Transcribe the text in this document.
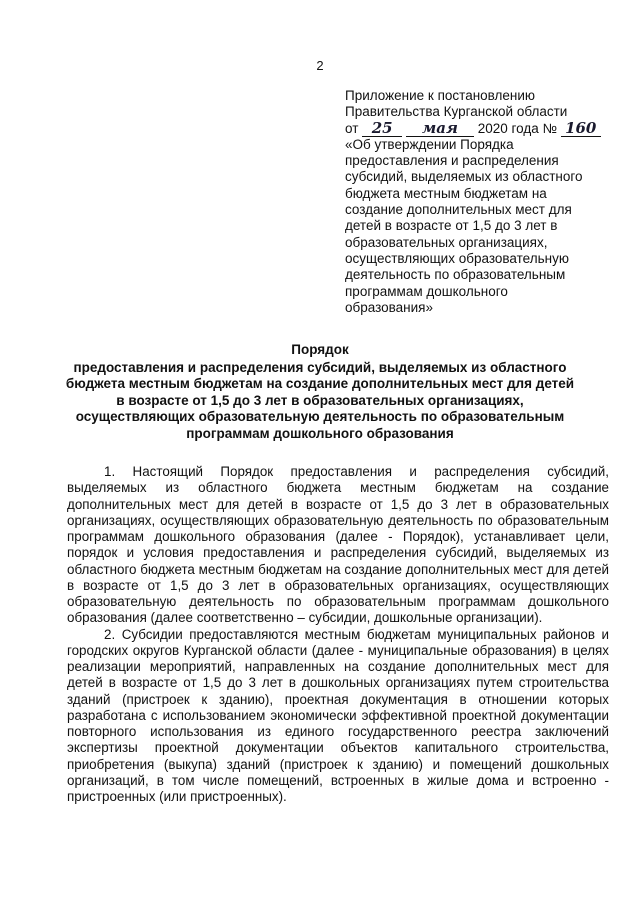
2
Приложение к постановлению
Правительства Курганской области
от 25 мая 2020 года № 160
«Об утверждении Порядка
предоставления и распределения
субсидий, выделяемых из областного
бюджета местным бюджетам на
создание дополнительных мест для
детей в возрасте от 1,5 до 3 лет в
образовательных организациях,
осуществляющих образовательную
деятельность по образовательным
программам дошкольного
образования»
Порядок
предоставления и распределения субсидий, выделяемых из областного
бюджета местным бюджетам на создание дополнительных мест для детей
в возрасте от 1,5 до 3 лет в образовательных организациях,
осуществляющих образовательную деятельность по образовательным
программам дошкольного образования

1. Настоящий Порядок предоставления и распределения субсидий, выделяемых из областного бюджета местным бюджетам на создание дополнительных мест для детей в возрасте от 1,5 до 3 лет в образовательных организациях, осуществляющих образовательную деятельность по образовательным программам дошкольного образования (далее - Порядок), устанавливает цели, порядок и условия предоставления и распределения субсидий, выделяемых из областного бюджета местным бюджетам на создание дополнительных мест для детей в возрасте от 1,5 до 3 лет в образовательных организациях, осуществляющих образовательную деятельность по образовательным программам дошкольного образования (далее соответственно – субсидии, дошкольные организации).

2. Субсидии предоставляются местным бюджетам муниципальных районов и городских округов Курганской области (далее - муниципальные образования) в целях реализации мероприятий, направленных на создание дополнительных мест для детей в возрасте от 1,5 до 3 лет в дошкольных организациях путем строительства зданий (пристроек к зданию), проектная документация в отношении которых разработана с использованием экономически эффективной проектной документации повторного использования из единого государственного реестра заключений экспертизы проектной документации объектов капитального строительства, приобретения (выкупа) зданий (пристроек к зданию) и помещений дошкольных организаций, в том числе помещений, встроенных в жилые дома и встроенно - пристроенных (или пристроенных).
